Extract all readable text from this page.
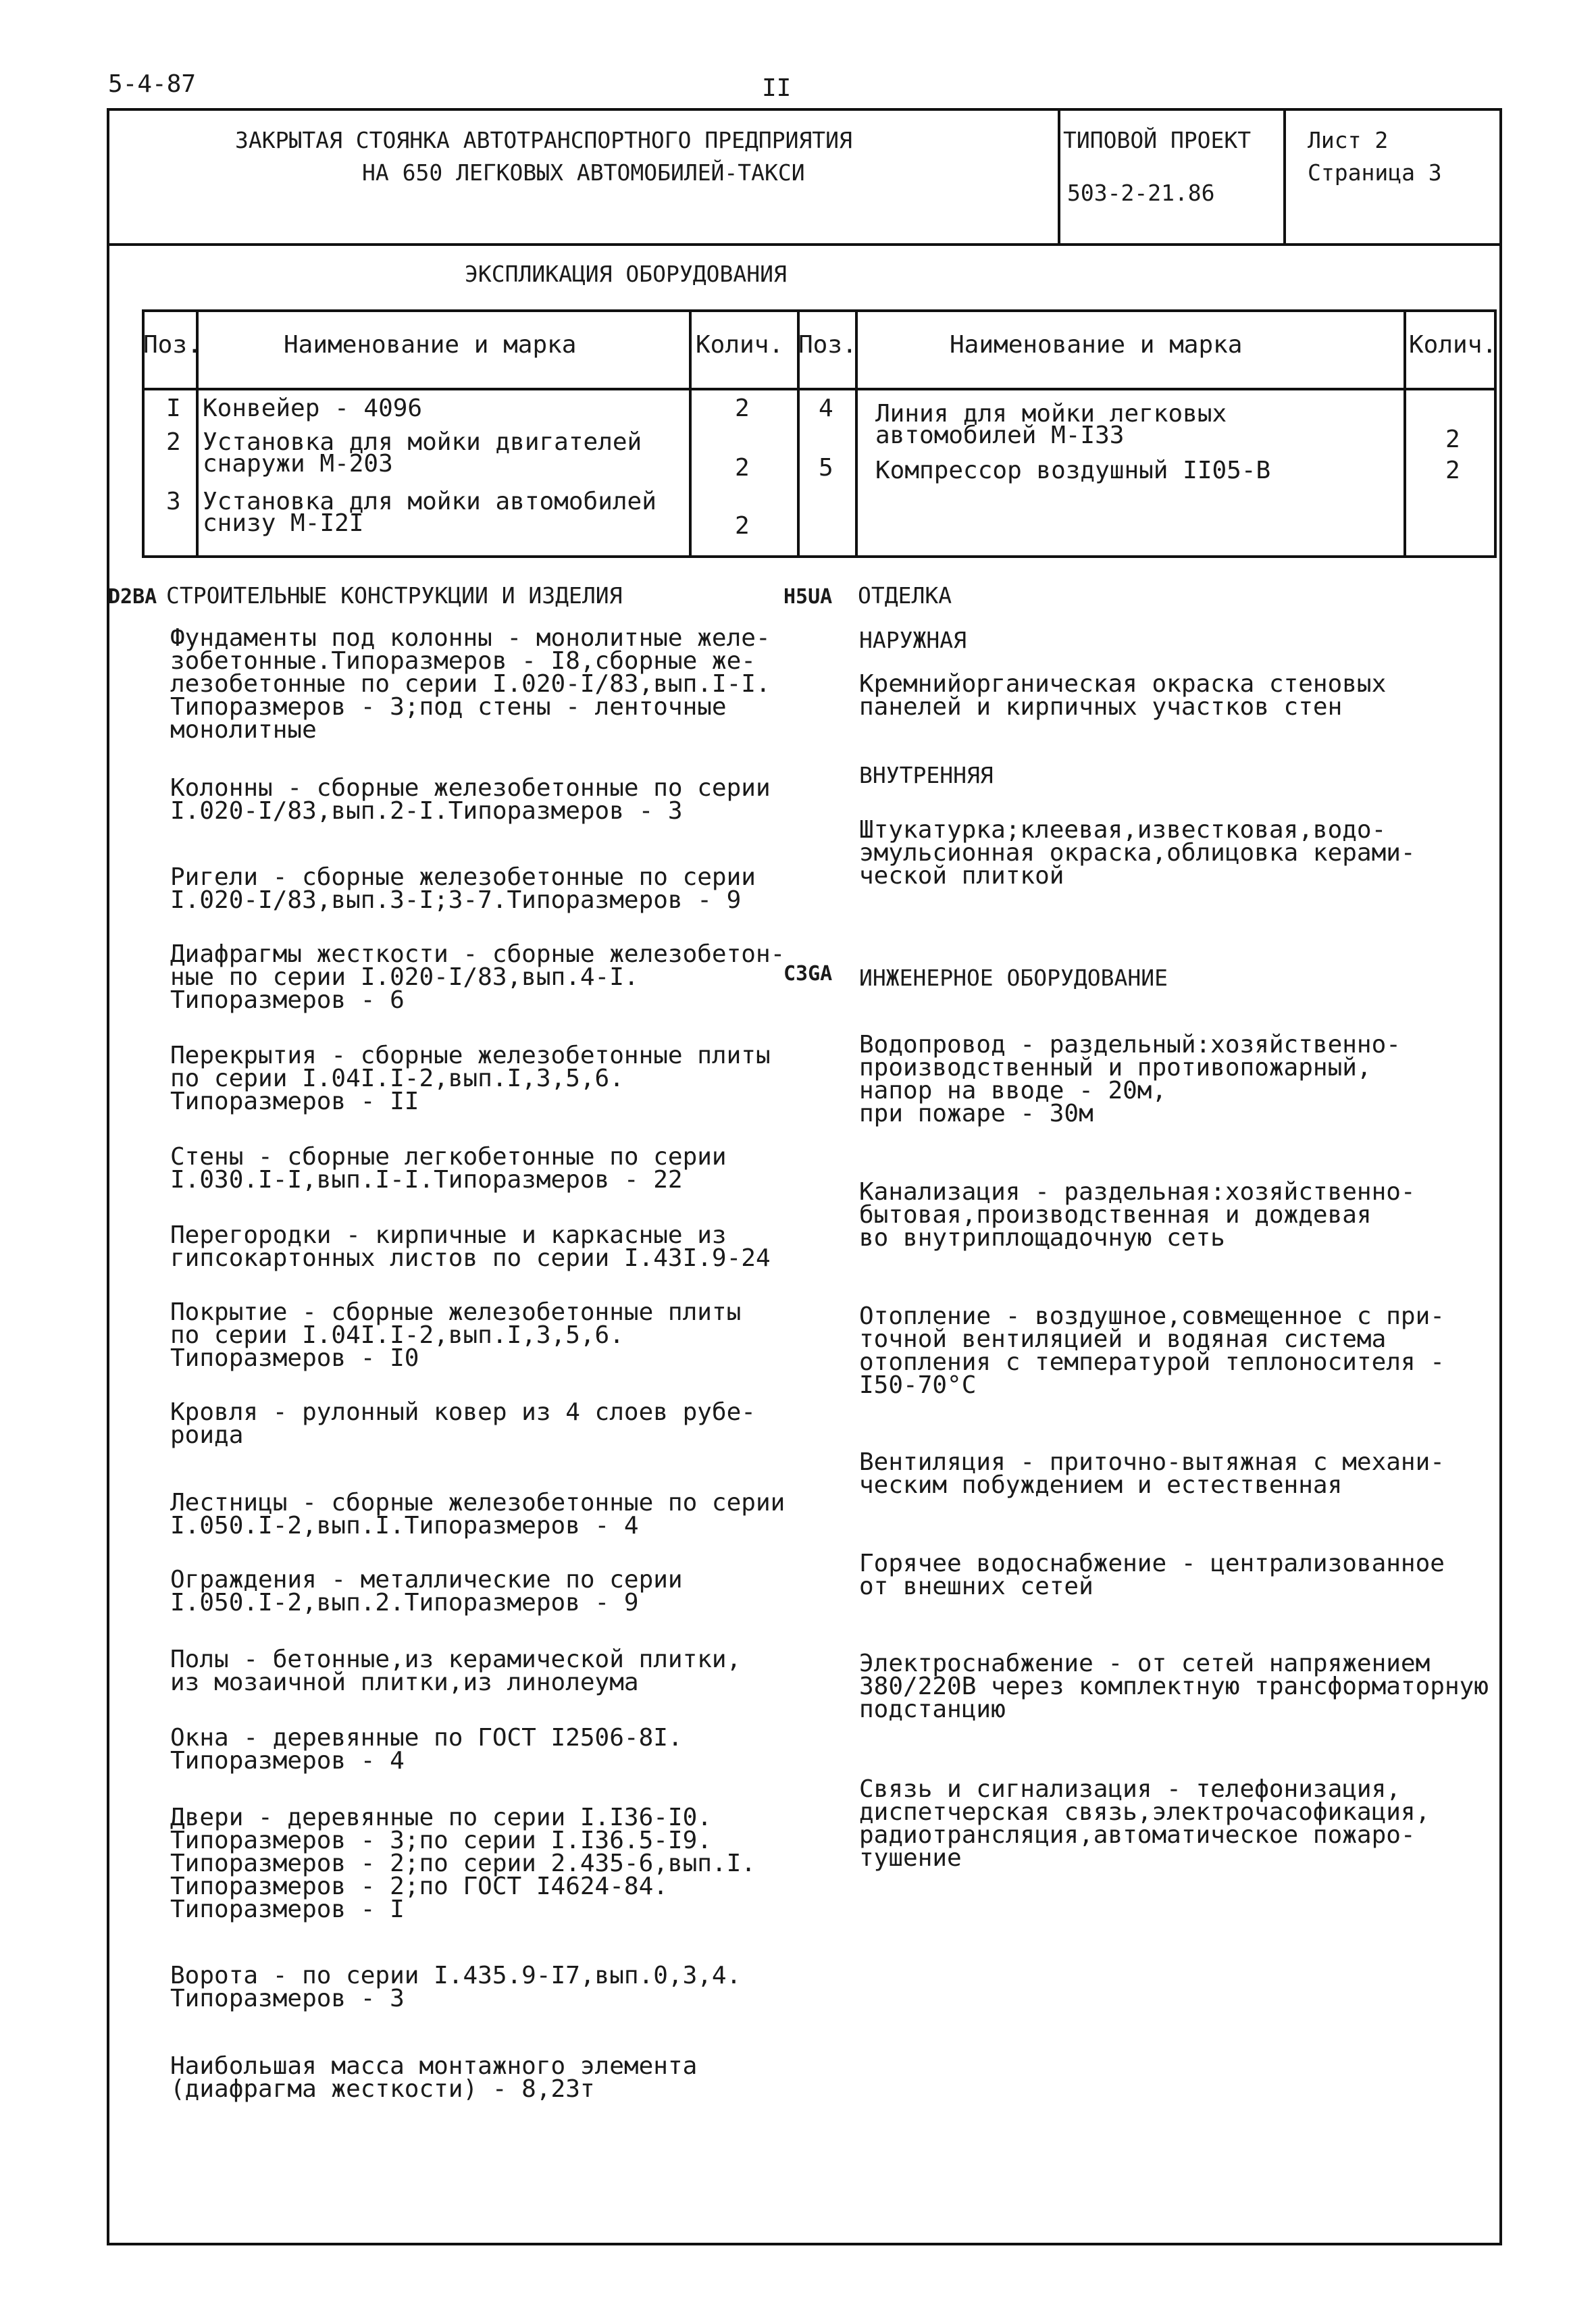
5-4-87	II
ЗАКРЫТАЯ СТОЯНКА АВТОТРАНСПОРТНОГО ПРЕДПРИЯТИЯ
НА 650 ЛЕГКОВЫХ АВТОМОБИЛЕЙ-ТАКСИ
ТИПОВОЙ ПРОЕКТ
503-2-21.86
Лист 2
Страница 3
ЭКСПЛИКАЦИЯ ОБОРУДОВАНИЯ
Поз.	Наименование и марка	Колич. Поз.	Наименование и марка	Колич.
I Конвейер - 4096	2
2 Установка для мойки двигателей
снаружи М-203	2
3 Установка для мойки автомобилей
снизу М-I2I	2
4 Линия для мойки легковых
автомобилей М-I33	2
5 Компрессор воздушный II05-В	2
D2BA СТРОИТЕЛЬНЫЕ КОНСТРУКЦИИ И ИЗДЕЛИЯ
Фундаменты под колонны - монолитные желе-
зобетонные.Типоразмеров - I8,сборные же-
лезобетонные по серии I.020-I/83,вып.I-I.
Типоразмеров - 3;под стены - ленточные
монолитные
Колонны - сборные железобетонные по серии
I.020-I/83,вып.2-I.Типоразмеров - 3
Ригели - сборные железобетонные по серии
I.020-I/83,вып.3-I;3-7.Типоразмеров - 9
Диафрагмы жесткости - сборные железобетон-
ные по серии I.020-I/83,вып.4-I.
Типоразмеров - 6
Перекрытия - сборные железобетонные плиты
по серии I.04I.I-2,вып.I,3,5,6.
Типоразмеров - II
Стены - сборные легкобетонные по серии
I.030.I-I,вып.I-I.Типоразмеров - 22
Перегородки - кирпичные и каркасные из
гипсокартонных листов по серии I.43I.9-24
Покрытие - сборные железобетонные плиты
по серии I.04I.I-2,вып.I,3,5,6.
Типоразмеров - I0
Кровля - рулонный ковер из 4 слоев рубе-
роида
Лестницы - сборные железобетонные по серии
I.050.I-2,вып.I.Типоразмеров - 4
Ограждения - металлические по серии
I.050.I-2,вып.2.Типоразмеров - 9
Полы - бетонные,из керамической плитки,
из мозаичной плитки,из линолеума
Окна - деревянные по ГОСТ I2506-8I.
Типоразмеров - 4
Двери - деревянные по серии I.I36-I0.
Типоразмеров - 3;по серии I.I36.5-I9.
Типоразмеров - 2;по серии 2.435-6,вып.I.
Типоразмеров - 2;по ГОСТ I4624-84.
Типоразмеров - I
Ворота - по серии I.435.9-I7,вып.0,3,4.
Типоразмеров - 3
Наибольшая масса монтажного элемента
(диафрагма жесткости) - 8,23т
H5UA ОТДЕЛКА
НАРУЖНАЯ
Кремнийорганическая окраска стеновых
панелей и кирпичных участков стен
ВНУТРЕННЯЯ
Штукатурка;клеевая,известковая,водо-
эмульсионная окраска,облицовка керами-
ческой плиткой
C3GA ИНЖЕНЕРНОЕ ОБОРУДОВАНИЕ
Водопровод - раздельный:хозяйственно-
производственный и противопожарный,
напор на вводе - 20м,
при пожаре - 30м
Канализация - раздельная:хозяйственно-
бытовая,производственная и дождевая
во внутриплощадочную сеть
Отопление - воздушное,совмещенное с при-
точной вентиляцией и водяная система
отопления с температурой теплоносителя -
I50-70°С
Вентиляция - приточно-вытяжная с механи-
ческим побуждением и естественная
Горячее водоснабжение - централизованное
от внешних сетей
Электроснабжение - от сетей напряжением
380/220В через комплектную трансформаторную
подстанцию
Связь и сигнализация - телефонизация,
диспетчерская связь,электрочасофикация,
радиотрансляция,автоматическое пожаро-
тушение
